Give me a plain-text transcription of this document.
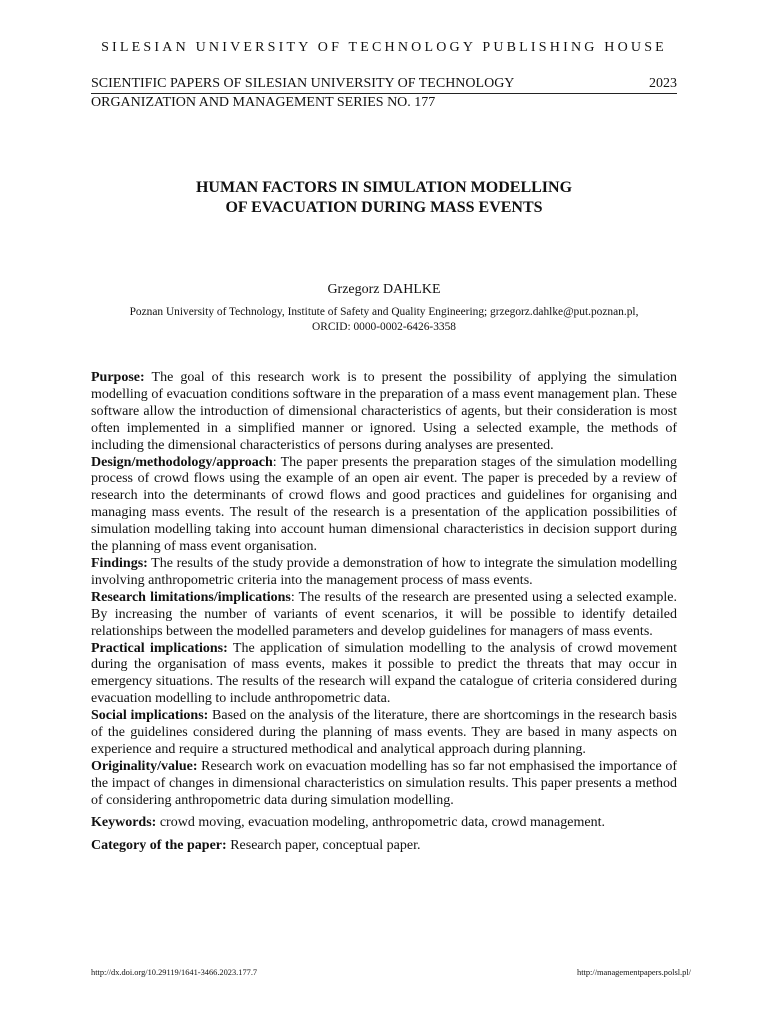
SILESIAN UNIVERSITY OF TECHNOLOGY PUBLISHING HOUSE
SCIENTIFIC PAPERS OF SILESIAN UNIVERSITY OF TECHNOLOGY	2023
ORGANIZATION AND MANAGEMENT SERIES NO. 177
HUMAN FACTORS IN SIMULATION MODELLING
OF EVACUATION DURING MASS EVENTS
Grzegorz DAHLKE
Poznan University of Technology, Institute of Safety and Quality Engineering; grzegorz.dahlke@put.poznan.pl,
ORCID: 0000-0002-6426-3358

Purpose: The goal of this research work is to present the possibility of applying the simulation modelling of evacuation conditions software in the preparation of a mass event management plan. These software allow the introduction of dimensional characteristics of agents, but their consideration is most often implemented in a simplified manner or ignored. Using a selected example, the methods of including the dimensional characteristics of persons during analyses are presented.

Design/methodology/approach: The paper presents the preparation stages of the simulation modelling process of crowd flows using the example of an open air event. The paper is preceded by a review of research into the determinants of crowd flows and good practices and guidelines for organising and managing mass events. The result of the research is a presentation of the application possibilities of simulation modelling taking into account human dimensional characteristics in decision support during the planning of mass event organisation.

Findings: The results of the study provide a demonstration of how to integrate the simulation modelling involving anthropometric criteria into the management process of mass events.

Research limitations/implications: The results of the research are presented using a selected example. By increasing the number of variants of event scenarios, it will be possible to identify detailed relationships between the modelled parameters and develop guidelines for managers of mass events.

Practical implications: The application of simulation modelling to the analysis of crowd movement during the organisation of mass events, makes it possible to predict the threats that may occur in emergency situations. The results of the research will expand the catalogue of criteria considered during evacuation modelling to include anthropometric data.

Social implications: Based on the analysis of the literature, there are shortcomings in the research basis of the guidelines considered during the planning of mass events. They are based in many aspects on experience and require a structured methodical and analytical approach during planning.

Originality/value: Research work on evacuation modelling has so far not emphasised the importance of the impact of changes in dimensional characteristics on simulation results. This paper presents a method of considering anthropometric data during simulation modelling.

Keywords: crowd moving, evacuation modeling, anthropometric data, crowd management.

Category of the paper: Research paper, conceptual paper.

http://dx.doi.org/10.29119/1641-3466.2023.177.7	http://managementpapers.polsl.pl/
